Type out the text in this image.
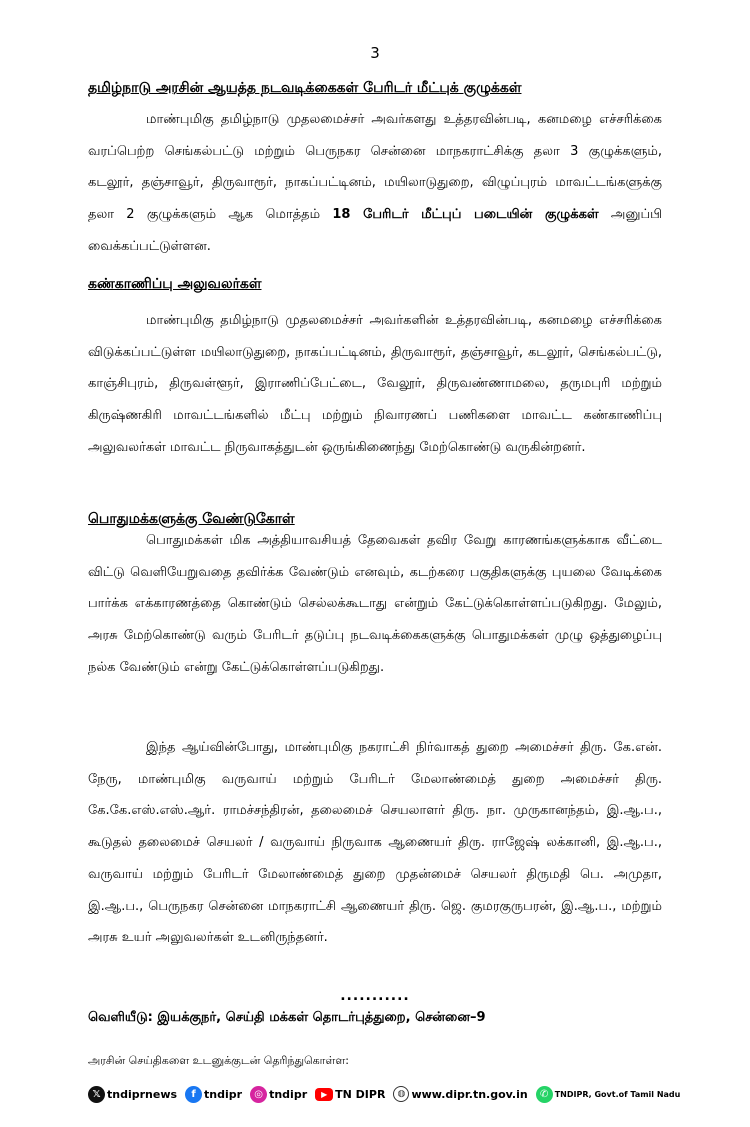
3
தமிழ்நாடு அரசின் ஆயத்த நடவடிக்கைகள் பேரிடர் மீட்புக் குழுக்கள்

மாண்புமிகு தமிழ்நாடு முதலமைச்சர் அவர்களது உத்தரவின்படி, கனமழை எச்சரிக்கை வரப்பெற்ற செங்கல்பட்டு மற்றும் பெருநகர சென்னை மாநகராட்சிக்கு தலா 3 குழுக்களும், கடலூர், தஞ்சாவூர், திருவாரூர், நாகப்பட்டினம், மயிலாடுதுறை, விழுப்புரம் மாவட்டங்களுக்கு தலா 2 குழுக்களும் ஆக மொத்தம் 18 பேரிடர் மீட்புப் படையின் குழுக்கள் அனுப்பி வைக்கப்பட்டுள்ளன.

கண்காணிப்பு அலுவலர்கள்

மாண்புமிகு தமிழ்நாடு முதலமைச்சர் அவர்களின் உத்தரவின்படி, கனமழை எச்சரிக்கை விடுக்கப்பட்டுள்ள மயிலாடுதுறை, நாகப்பட்டினம், திருவாரூர், தஞ்சாவூர், கடலூர், செங்கல்பட்டு, காஞ்சிபுரம், திருவள்ளூர், இராணிப்பேட்டை, வேலூர், திருவண்ணாமலை, தருமபுரி மற்றும் கிருஷ்ணகிரி மாவட்டங்களில் மீட்பு மற்றும் நிவாரணப் பணிகளை மாவட்ட கண்காணிப்பு அலுவலர்கள் மாவட்ட நிருவாகத்துடன் ஒருங்கிணைந்து மேற்கொண்டு வருகின்றனர்.

பொதுமக்களுக்கு வேண்டுகோள்

பொதுமக்கள் மிக அத்தியாவசியத் தேவைகள் தவிர வேறு காரணங்களுக்காக வீட்டை விட்டு வெளியேறுவதை தவிர்க்க வேண்டும் எனவும், கடற்கரை பகுதிகளுக்கு புயலை வேடிக்கை பார்க்க எக்காரணத்தை கொண்டும் செல்லக்கூடாது என்றும் கேட்டுக்கொள்ளப்படுகிறது. மேலும், அரசு மேற்கொண்டு வரும் பேரிடர் தடுப்பு நடவடிக்கைகளுக்கு பொதுமக்கள் முழு ஒத்துழைப்பு நல்க வேண்டும் என்று கேட்டுக்கொள்ளப்படுகிறது.

இந்த ஆய்வின்போது, மாண்புமிகு நகராட்சி நிர்வாகத் துறை அமைச்சர் திரு. கே.என். நேரு, மாண்புமிகு வருவாய் மற்றும் பேரிடர் மேலாண்மைத் துறை அமைச்சர் திரு. கே.கே.எஸ்.எஸ்.ஆர். ராமச்சந்திரன், தலைமைச் செயலாளர் திரு. நா. முருகானந்தம், இ.ஆ.ப., கூடுதல் தலைமைச் செயலர் / வருவாய் நிருவாக ஆணையர் திரு. ராஜேஷ் லக்கானி, இ.ஆ.ப., வருவாய் மற்றும் பேரிடர் மேலாண்மைத் துறை முதன்மைச் செயலர் திருமதி பெ. அமுதா, இ.ஆ.ப., பெருநகர சென்னை மாநகராட்சி ஆணையர் திரு. ஜெ. குமரகுருபரன், இ.ஆ.ப., மற்றும் அரசு உயர் அலுவலர்கள் உடனிருந்தனர்.

...........
வெளியீடு: இயக்குநர், செய்தி மக்கள் தொடர்புத்துறை, சென்னை–9
அரசின் செய்திகளை உடனுக்குடன் தெரிந்துகொள்ள:
𝕏 tndiprnews	f tndipr	◎ tndipr	▶ TN DIPR	◍ www.dipr.tn.gov.in	✆ TNDIPR, Govt.of Tamil Nadu
